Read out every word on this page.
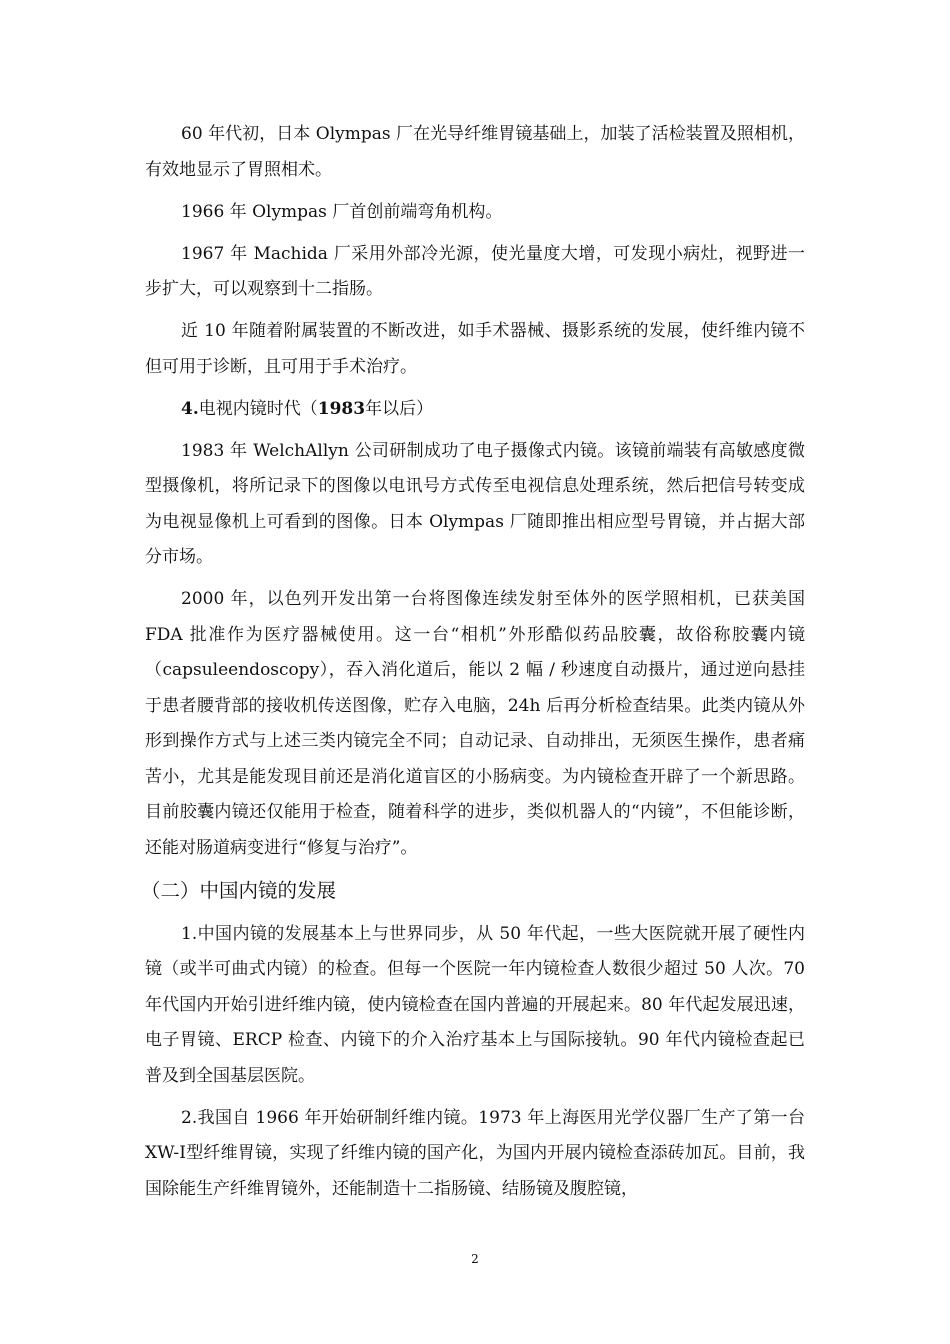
60 年代初，日本 Olympas 厂在光导纤维胃镜基础上，加装了活检装置及照相机，有效地显示了胃照相术。

1966 年 Olympas 厂首创前端弯角机构。

1967 年 Machida 厂采用外部冷光源，使光量度大增，可发现小病灶，视野进一步扩大，可以观察到十二指肠。

近 10 年随着附属装置的不断改进，如手术器械、摄影系统的发展，使纤维内镜不但可用于诊断，且可用于手术治疗。

4.电视内镜时代（1983年以后）

1983 年 WelchAllyn 公司研制成功了电子摄像式内镜。该镜前端装有高敏感度微型摄像机，将所记录下的图像以电讯号方式传至电视信息处理系统，然后把信号转变成为电视显像机上可看到的图像。日本 Olympas 厂随即推出相应型号胃镜，并占据大部分市场。

2000 年，以色列开发出第一台将图像连续发射至体外的医学照相机，已获美国 FDA 批准作为医疗器械使用。这一台“相机”外形酷似药品胶囊，故俗称胶囊内镜（capsuleendoscopy），吞入消化道后，能以 2 幅 / 秒速度自动摄片，通过逆向悬挂于患者腰背部的接收机传送图像，贮存入电脑，24h 后再分析检查结果。此类内镜从外形到操作方式与上述三类内镜完全不同；自动记录、自动排出，无须医生操作，患者痛苦小，尤其是能发现目前还是消化道盲区的小肠病变。为内镜检查开辟了一个新思路。目前胶囊内镜还仅能用于检查，随着科学的进步，类似机器人的“内镜”，不但能诊断，还能对肠道病变进行“修复与治疗”。

（二）中国内镜的发展

1.中国内镜的发展基本上与世界同步，从 50 年代起，一些大医院就开展了硬性内镜（或半可曲式内镜）的检查。但每一个医院一年内镜检查人数很少超过 50 人次。70 年代国内开始引进纤维内镜，使内镜检查在国内普遍的开展起来。80 年代起发展迅速，电子胃镜、ERCP 检查、内镜下的介入治疗基本上与国际接轨。90 年代内镜检查起已普及到全国基层医院。

2.我国自 1966 年开始研制纤维内镜。1973 年上海医用光学仪器厂生产了第一台 XW-Ⅰ型纤维胃镜，实现了纤维内镜的国产化，为国内开展内镜检查添砖加瓦。目前，我国除能生产纤维胃镜外，还能制造十二指肠镜、结肠镜及腹腔镜，

2
